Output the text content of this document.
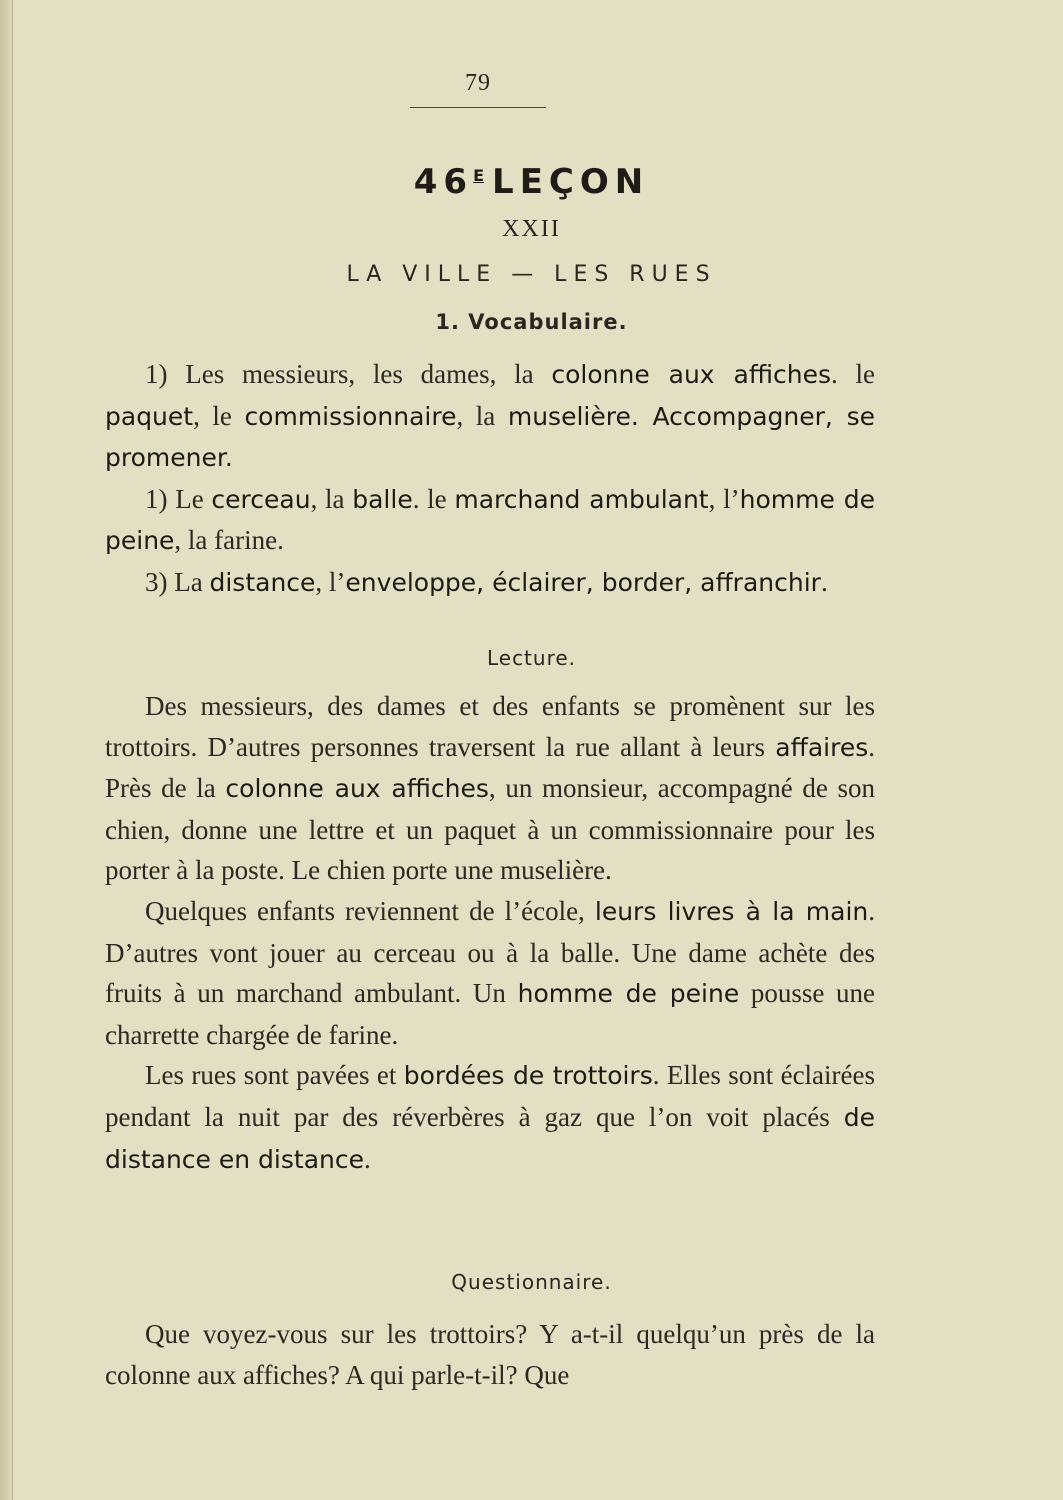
79
$46^E$ LEÇON
XXII
LA VILLE — LES RUES
1. Vocabulaire.

1) Les messieurs, les dames, la colonne aux affiches. le paquet, le commissionnaire, la muselière. Accompagner, se promener.

1) Le cerceau, la balle. le marchand ambulant, l’homme de peine, la farine.

3) La distance, l’enveloppe, éclairer, border, affranchir.

Lecture.

Des messieurs, des dames et des enfants se promènent sur les trottoirs. D’autres personnes traversent la rue allant à leurs affaires. Près de la colonne aux affiches, un monsieur, accompagné de son chien, donne une lettre et un paquet à un commissionnaire pour les porter à la poste. Le chien porte une muselière.

Quelques enfants reviennent de l’école, leurs livres à la main. D’autres vont jouer au cerceau ou à la balle. Une dame achète des fruits à un marchand ambulant. Un homme de peine pousse une charrette chargée de farine.

Les rues sont pavées et bordées de trottoirs. Elles sont éclairées pendant la nuit par des réverbères à gaz que l’on voit placés de distance en distance.

Questionnaire.

Que voyez-vous sur les trottoirs? Y a-t-il quelqu’un près de la colonne aux affiches? A qui parle-t-il? Que
